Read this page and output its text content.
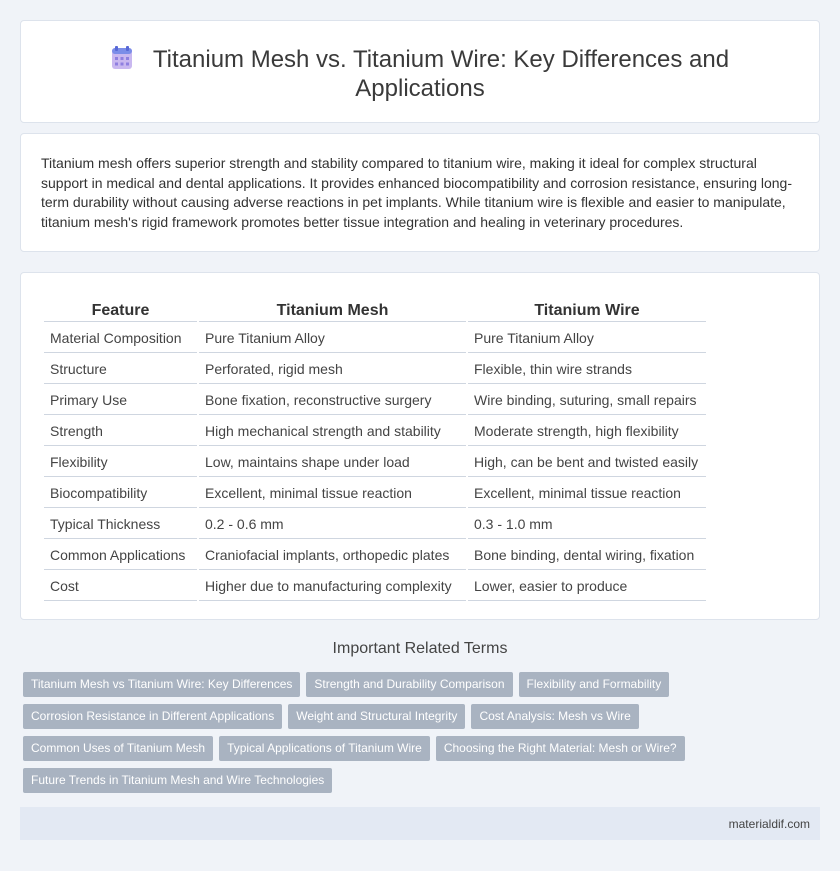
Titanium Mesh vs. Titanium Wire: Key Differences and Applications

Titanium mesh offers superior strength and stability compared to titanium wire, making it ideal for complex structural support in medical and dental applications. It provides enhanced biocompatibility and corrosion resistance, ensuring long-term durability without causing adverse reactions in pet implants. While titanium wire is flexible and easier to manipulate, titanium mesh's rigid framework promotes better tissue integration and healing in veterinary procedures.

Feature	Titanium Mesh	Titanium Wire
Material Composition	Pure Titanium Alloy	Pure Titanium Alloy
Structure	Perforated, rigid mesh	Flexible, thin wire strands
Primary Use	Bone fixation, reconstructive surgery	Wire binding, suturing, small repairs
Strength	High mechanical strength and stability	Moderate strength, high flexibility
Flexibility	Low, maintains shape under load	High, can be bent and twisted easily
Biocompatibility	Excellent, minimal tissue reaction	Excellent, minimal tissue reaction
Typical Thickness	0.2 - 0.6 mm	0.3 - 1.0 mm
Common Applications	Craniofacial implants, orthopedic plates	Bone binding, dental wiring, fixation
Cost	Higher due to manufacturing complexity	Lower, easier to produce
Important Related Terms
Titanium Mesh vs Titanium Wire: Key Differences Strength and Durability Comparison Flexibility and Formability
Corrosion Resistance in Different Applications Weight and Structural Integrity Cost Analysis: Mesh vs Wire
Common Uses of Titanium Mesh Typical Applications of Titanium Wire Choosing the Right Material: Mesh or Wire?
Future Trends in Titanium Mesh and Wire Technologies
materialdif.com
